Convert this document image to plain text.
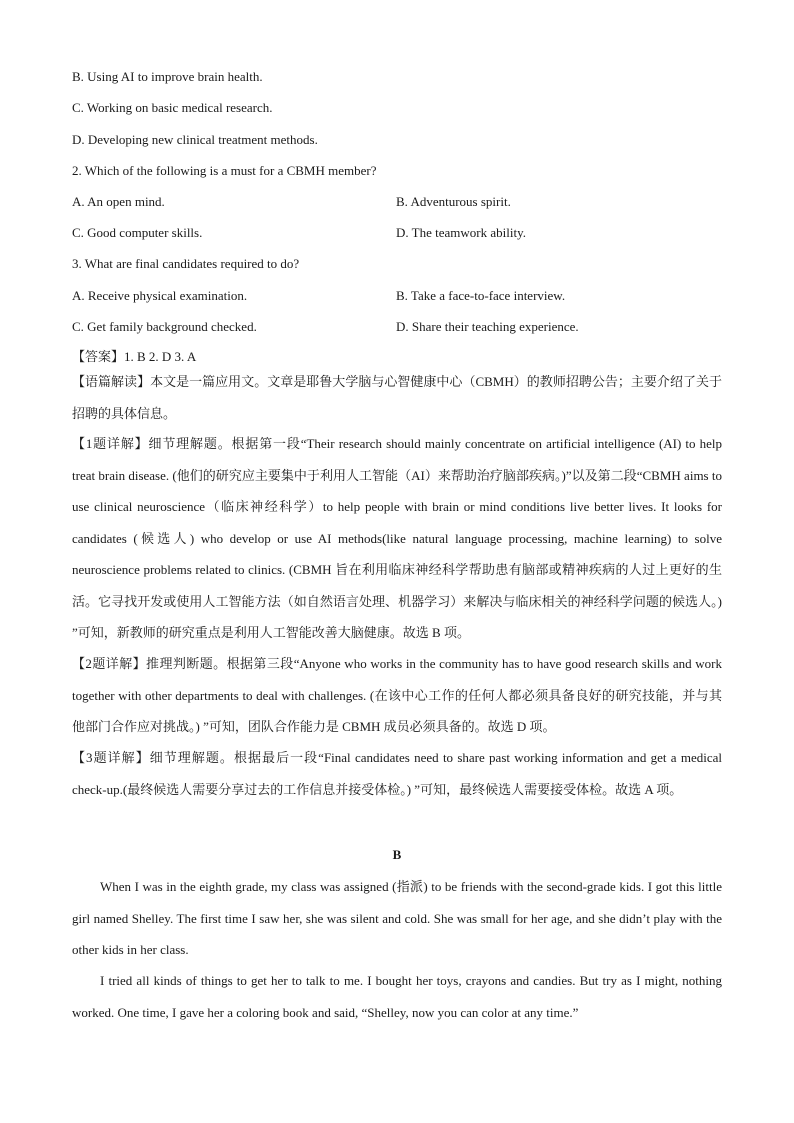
B. Using AI to improve brain health.
C. Working on basic medical research.
D. Developing new clinical treatment methods.
2. Which of the following is a must for a CBMH member?
A. An open mind.	B. Adventurous spirit.
C. Good computer skills.	D. The teamwork ability.
3. What are final candidates required to do?
A. Receive physical examination.	B. Take a face-to-face interview.
C. Get family background checked.	D. Share their teaching experience.
【答案】1. B 2. D 3. A
【语篇解读】本文是一篇应用文。文章是耶鲁大学脑与心智健康中心（CBMH）的教师招聘公告；主要介绍了关于招聘的具体信息。
【1题详解】细节理解题。根据第一段“Their research should mainly concentrate on artificial intelligence (AI) to help treat brain disease. (他们的研究应主要集中于利用人工智能（AI）来帮助治疗脑部疾病。)”以及第二段“CBMH aims to use clinical neuroscience（临床神经科学）to help people with brain or mind conditions live better lives. It looks for candidates (候选人) who develop or use AI methods(like natural language processing, machine learning) to solve neuroscience problems related to clinics. (CBMH 旨在利用临床神经科学帮助患有脑部或精神疾病的人过上更好的生活。它寻找开发或使用人工智能方法（如自然语言处理、机器学习）来解决与临床相关的神经科学问题的候选人。) ”可知，新教师的研究重点是利用人工智能改善大脑健康。故选 B 项。
【2题详解】推理判断题。根据第三段“Anyone who works in the community has to have good research skills and work together with other departments to deal with challenges. (在该中心工作的任何人都必须具备良好的研究技能，并与其他部门合作应对挑战。) ”可知，团队合作能力是 CBMH 成员必须具备的。故选 D 项。
【3题详解】细节理解题。根据最后一段“Final candidates need to share past working information and get a medical check-up.(最终候选人需要分享过去的工作信息并接受体检。) ”可知，最终候选人需要接受体检。故选 A 项。
B
When I was in the eighth grade, my class was assigned (指派) to be friends with the second-grade kids. I got this little girl named Shelley. The first time I saw her, she was silent and cold. She was small for her age, and she didn’t play with the other kids in her class.
I tried all kinds of things to get her to talk to me. I bought her toys, crayons and candies. But try as I might, nothing worked. One time, I gave her a coloring book and said, “Shelley, now you can color at any time.”
